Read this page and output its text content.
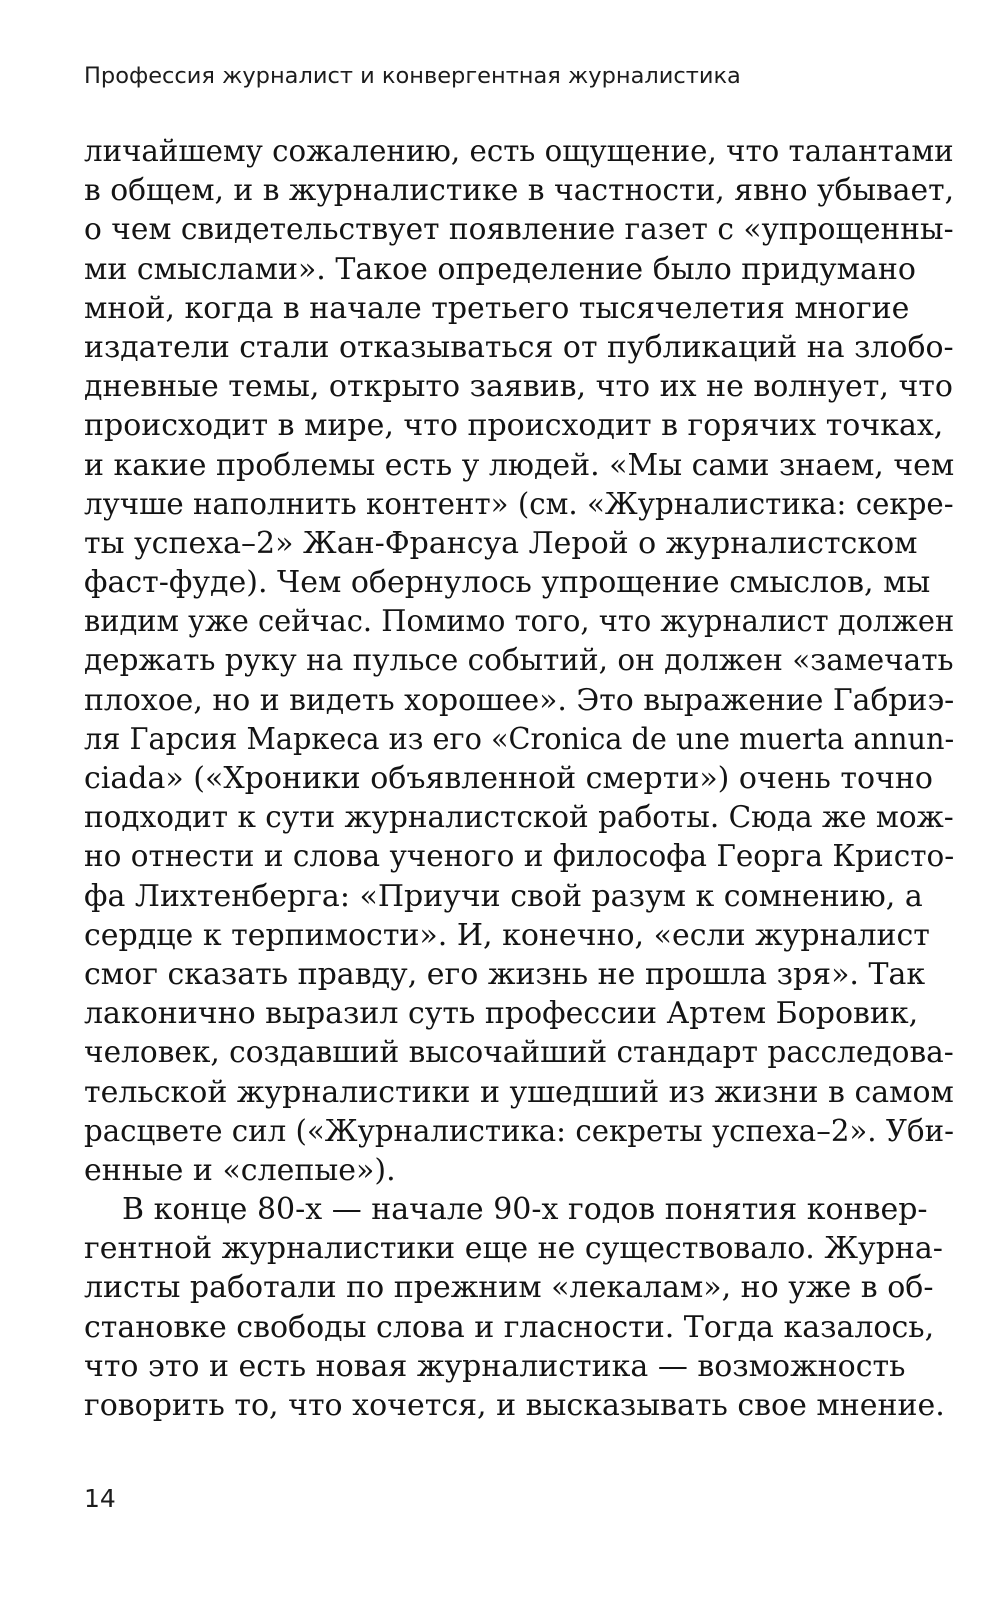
Профессия журналист и конвергентная журналистика
личайшему сожалению, есть ощущение, что талантами
в общем, и в журналистике в частности, явно убывает,
о чем свидетельствует появление газет с «упрощенны-
ми смыслами». Такое определение было придумано
мной, когда в начале третьего тысячелетия многие
издатели стали отказываться от публикаций на злобо-
дневные темы, открыто заявив, что их не волнует, что
происходит в мире, что происходит в горячих точках,
и какие проблемы есть у людей. «Мы сами знаем, чем
лучше наполнить контент» (см. «Журналистика: секре-
ты успеха–2» Жан-Франсуа Лерой о журналистском
фаст-фуде). Чем обернулось упрощение смыслов, мы
видим уже сейчас. Помимо того, что журналист должен
держать руку на пульсе событий, он должен «замечать
плохое, но и видеть хорошее». Это выражение Габриэ-
ля Гарсия Маркеса из его «Cronica de une muerta annun-
ciada» («Хроники объявленной смерти») очень точно
подходит к сути журналистской работы. Сюда же мож-
но отнести и слова ученого и философа Георга Кристо-
фа Лихтенберга: «Приучи свой разум к сомнению, а
сердце к терпимости». И, конечно, «если журналист
смог сказать правду, его жизнь не прошла зря». Так
лаконично выразил суть профессии Артем Боровик,
человек, создавший высочайший стандарт расследова-
тельской журналистики и ушедший из жизни в самом
расцвете сил («Журналистика: секреты успеха–2». Уби-
енные и «слепые»).
В конце 80-х — начале 90-х годов понятия конвер-
гентной журналистики еще не существовало. Журна-
листы работали по прежним «лекалам», но уже в об-
становке свободы слова и гласности. Тогда казалось,
что это и есть новая журналистика — возможность
говорить то, что хочется, и высказывать свое мнение.
14
